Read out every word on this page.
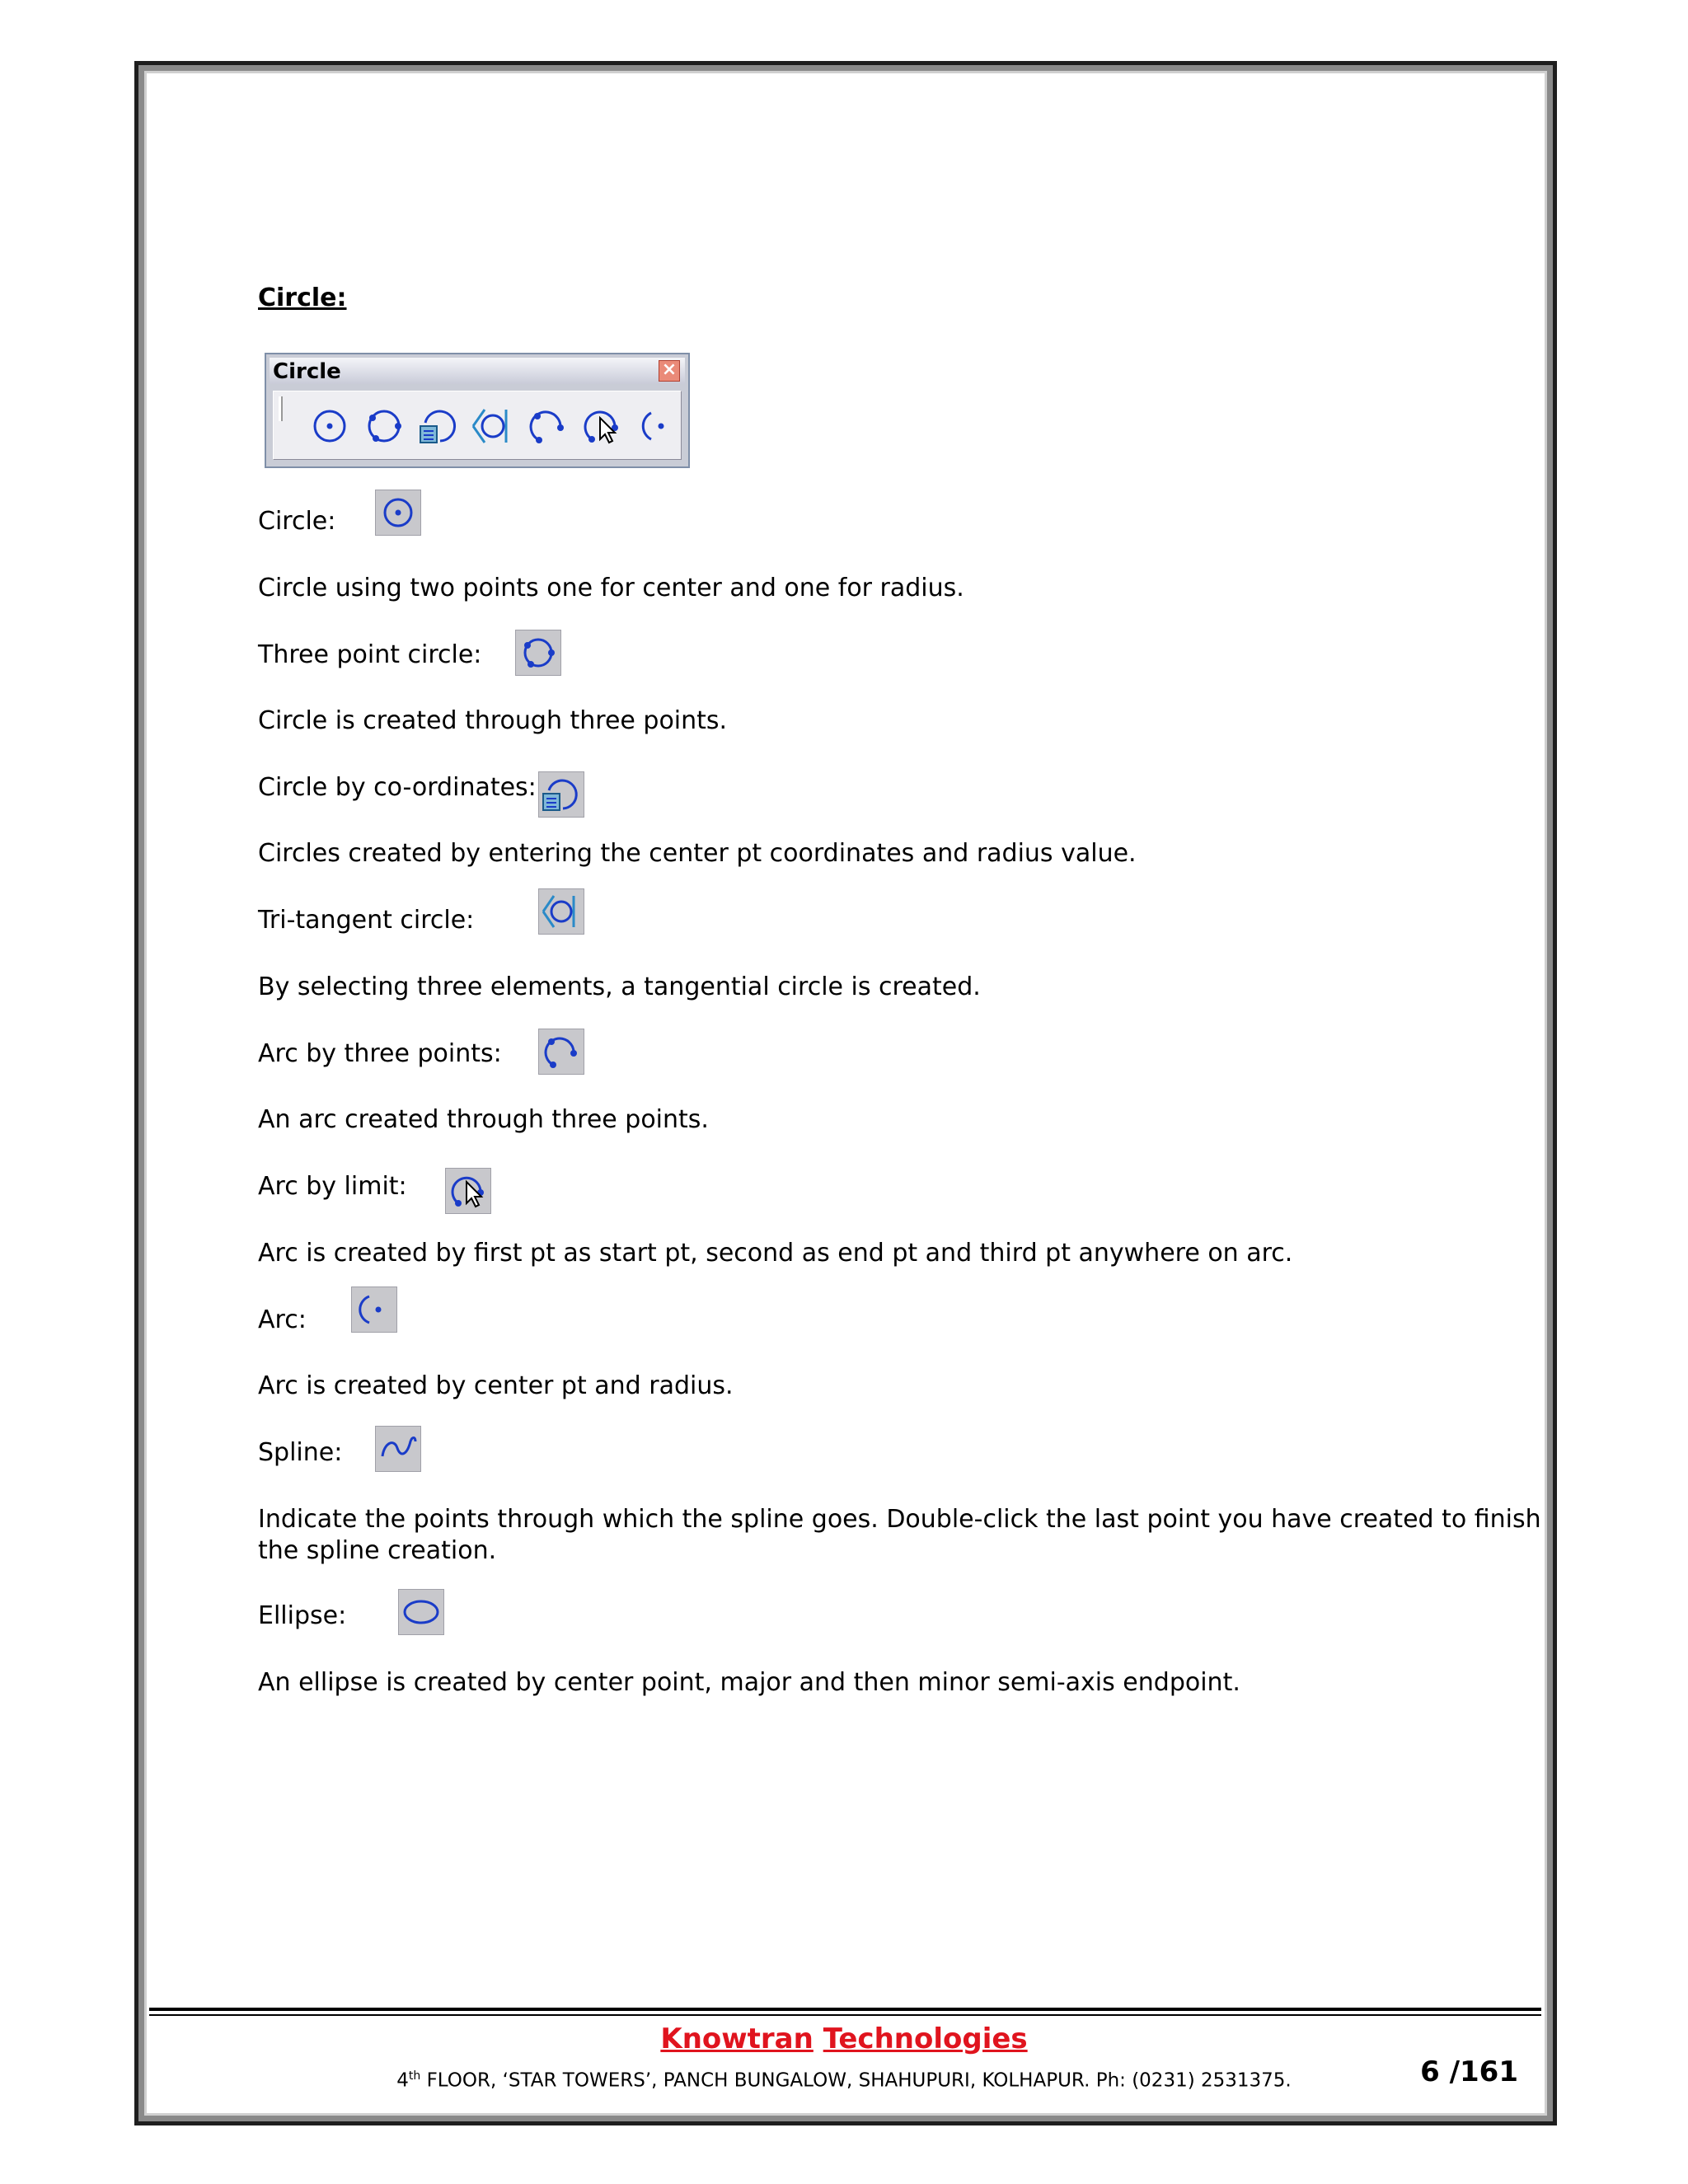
Circle:
Circle	×
Circle:
Circle using two points one for center and one for radius.
Three point circle:
Circle is created through three points.
Circle by co-ordinates:
Circles created by entering the center pt coordinates and radius value.
Tri-tangent circle:
By selecting three elements, a tangential circle is created.
Arc by three points:
An arc created through three points.
Arc by limit:
Arc is created by first pt as start pt, second as end pt and third pt anywhere on arc.
Arc:
Arc is created by center pt and radius.
Spline:
Indicate the points through which the spline goes. Double-click the last point you have created to finish the spline creation.
Ellipse:
An ellipse is created by center point, major and then minor semi-axis endpoint.
Knowtran Technologies
4th FLOOR, ‘STAR TOWERS’, PANCH BUNGALOW, SHAHUPURI, KOLHAPUR. Ph: (0231) 2531375.	6 /161
